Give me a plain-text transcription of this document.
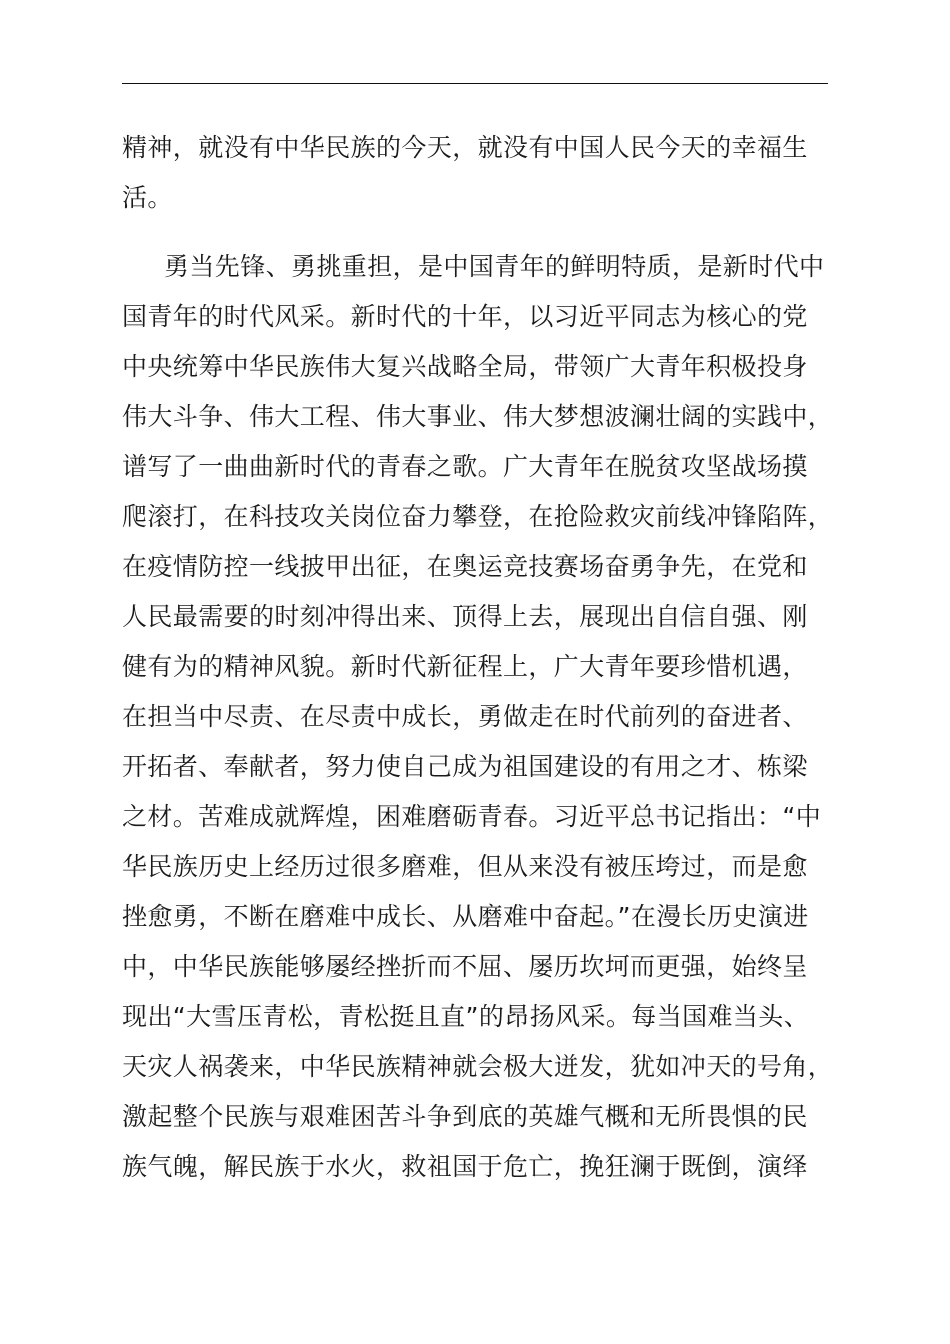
精神，就没有中华民族的今天，就没有中国人民今天的幸福生
活。
勇当先锋、勇挑重担，是中国青年的鲜明特质，是新时代中
国青年的时代风采。新时代的十年，以习近平同志为核心的党
中央统筹中华民族伟大复兴战略全局，带领广大青年积极投身
伟大斗争、伟大工程、伟大事业、伟大梦想波澜壮阔的实践中，
谱写了一曲曲新时代的青春之歌。广大青年在脱贫攻坚战场摸
爬滚打，在科技攻关岗位奋力攀登，在抢险救灾前线冲锋陷阵，
在疫情防控一线披甲出征，在奥运竞技赛场奋勇争先，在党和
人民最需要的时刻冲得出来、顶得上去，展现出自信自强、刚
健有为的精神风貌。新时代新征程上，广大青年要珍惜机遇，
在担当中尽责、在尽责中成长，勇做走在时代前列的奋进者、
开拓者、奉献者，努力使自己成为祖国建设的有用之才、栋梁
之材。苦难成就辉煌，困难磨砺青春。习近平总书记指出：“中
华民族历史上经历过很多磨难，但从来没有被压垮过，而是愈
挫愈勇，不断在磨难中成长、从磨难中奋起。”在漫长历史演进
中，中华民族能够屡经挫折而不屈、屡历坎坷而更强，始终呈
现出“大雪压青松，青松挺且直”的昂扬风采。每当国难当头、
天灾人祸袭来，中华民族精神就会极大迸发，犹如冲天的号角，
激起整个民族与艰难困苦斗争到底的英雄气概和无所畏惧的民
族气魄，解民族于水火，救祖国于危亡，挽狂澜于既倒，演绎
